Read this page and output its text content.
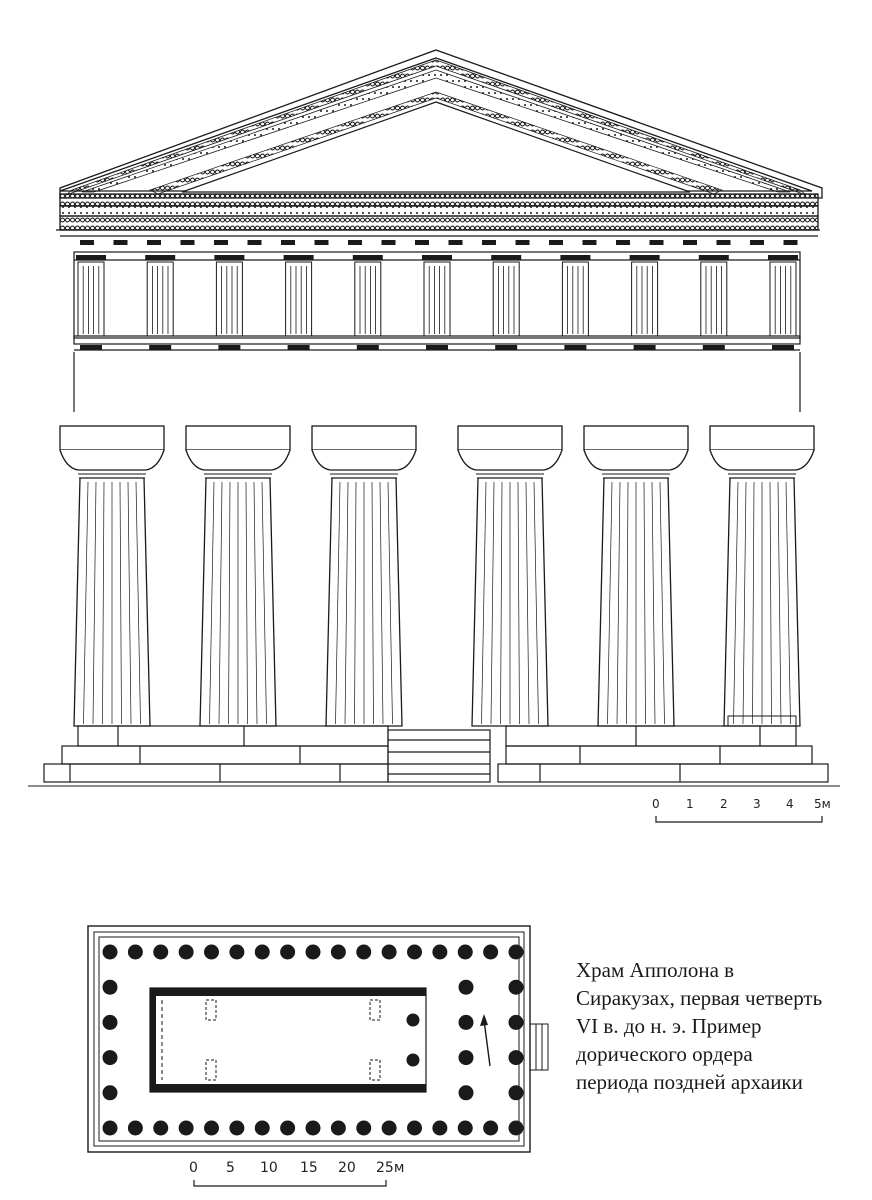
0 1 2 3 4 5м
0 5 10 15 20 25м
Храм Апполона в
Сиракузах, первая четверть
VI в. до н. э. Пример
дорического ордера
периода поздней архаики
